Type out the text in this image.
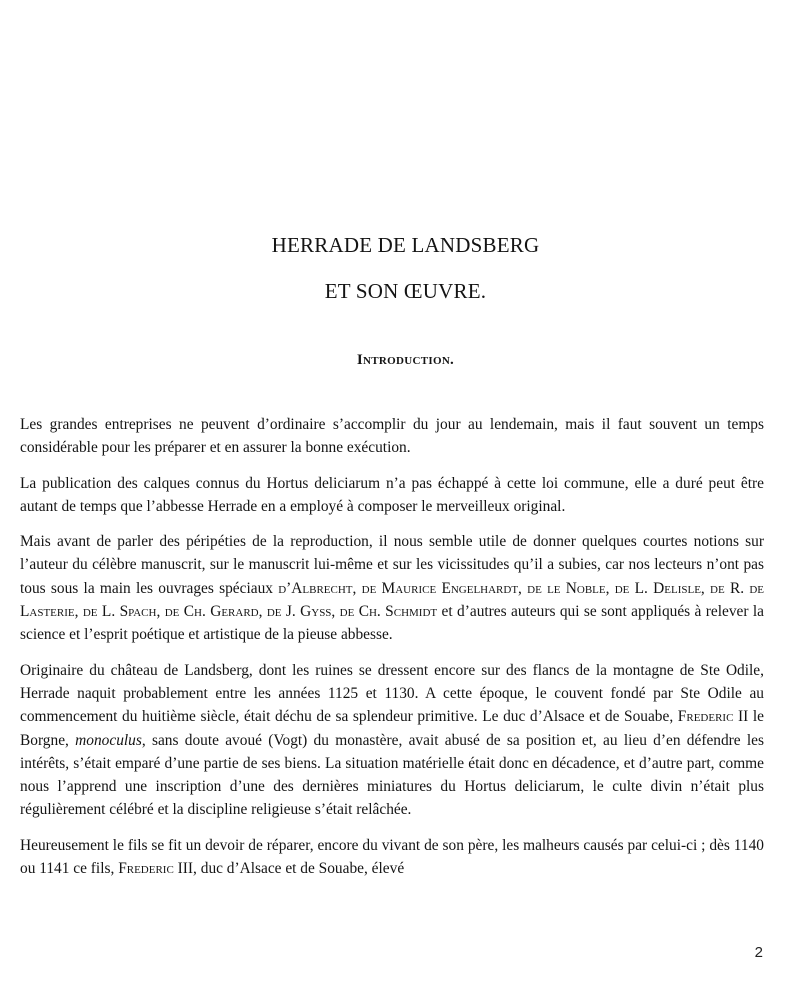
HERRADE DE LANDSBERG
ET SON ŒUVRE.
Introduction.

Les grandes entreprises ne peuvent d’ordinaire s’accomplir du jour au lendemain, mais il faut souvent un temps considérable pour les préparer et en assurer la bonne exécution.

La publication des calques connus du Hortus deliciarum n’a pas échappé à cette loi commune, elle a duré peut être autant de temps que l’abbesse Herrade en a employé à composer le merveilleux original.

Mais avant de parler des péripéties de la reproduction, il nous semble utile de donner quelques courtes notions sur l’auteur du célèbre manuscrit, sur le manuscrit lui-même et sur les vicissitudes qu’il a subies, car nos lecteurs n’ont pas tous sous la main les ouvrages spéciaux d’Albrecht, de Maurice Engelhardt, de le Noble, de L. Delisle, de R. de Lasterie, de L. Spach, de Ch. Gerard, de J. Gyss, de Ch. Schmidt et d’autres auteurs qui se sont appliqués à relever la science et l’esprit poétique et artistique de la pieuse abbesse.

Originaire du château de Landsberg, dont les ruines se dressent encore sur des flancs de la montagne de Ste Odile, Herrade naquit probablement entre les années 1125 et 1130. A cette époque, le couvent fondé par Ste Odile au commencement du huitième siècle, était déchu de sa splendeur primitive. Le duc d’Alsace et de Souabe, Frederic II le Borgne, monoculus, sans doute avoué (Vogt) du monastère, avait abusé de sa position et, au lieu d’en défendre les intérêts, s’était emparé d’une partie de ses biens. La situation matérielle était donc en décadence, et d’autre part, comme nous l’apprend une inscription d’une des dernières miniatures du Hortus deliciarum, le culte divin n’était plus régulièrement célébré et la discipline religieuse s’était relâchée.

Heureusement le fils se fit un devoir de réparer, encore du vivant de son père, les malheurs causés par celui-ci ; dès 1140 ou 1141 ce fils, Frederic III, duc d’Alsace et de Souabe, élevé

2
